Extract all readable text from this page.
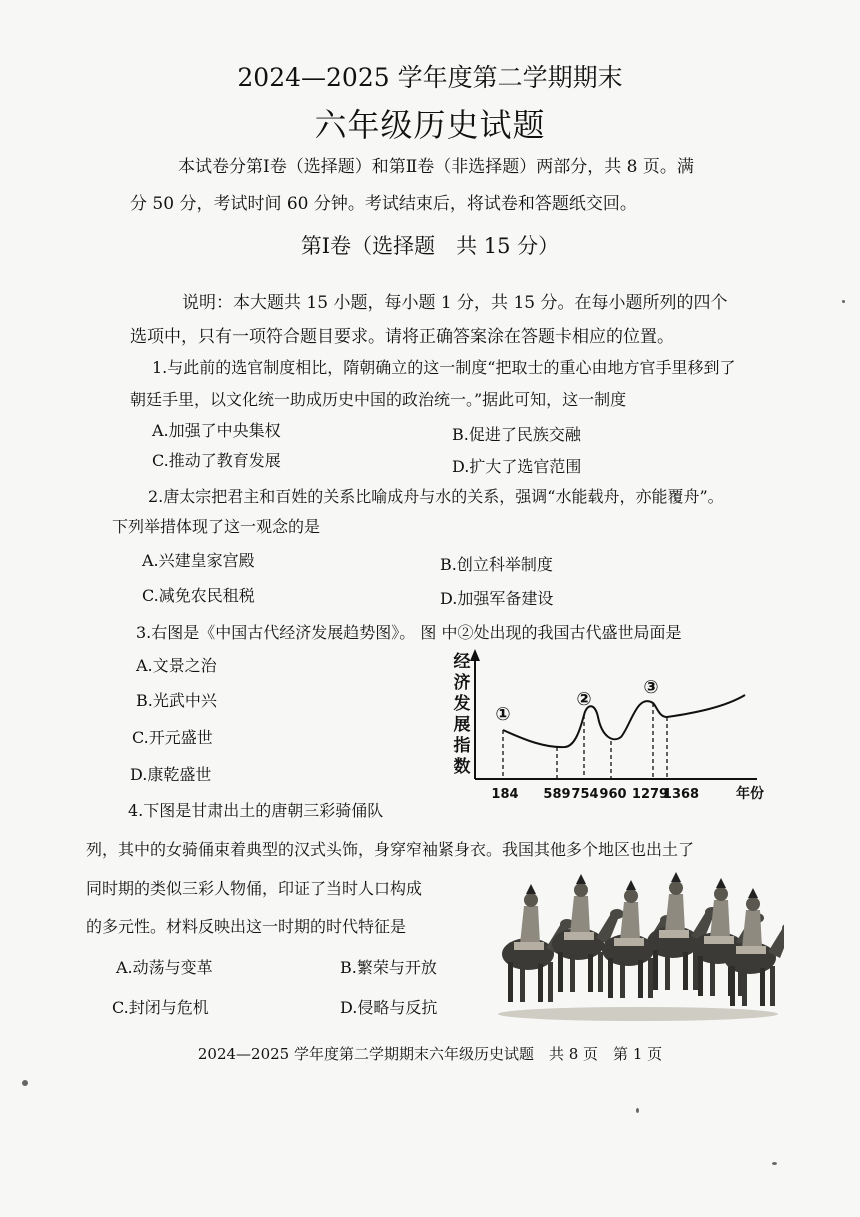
2024—2025 学年度第二学期期末
六年级历史试题
本试卷分第Ⅰ卷（选择题）和第Ⅱ卷（非选择题）两部分，共 8 页。满
分 50 分，考试时间 60 分钟。考试结束后，将试卷和答题纸交回。
第Ⅰ卷（选择题　共 15 分）
说明：本大题共 15 小题，每小题 1 分，共 15 分。在每小题所列的四个
选项中，只有一项符合题目要求。请将正确答案涂在答题卡相应的位置。
1.与此前的选官制度相比，隋朝确立的这一制度“把取士的重心由地方官手里移到了
朝廷手里，以文化统一助成历史中国的政治统一。”据此可知，这一制度
A.加强了中央集权	B.促进了民族交融
C.推动了教育发展	D.扩大了选官范围
2.唐太宗把君主和百姓的关系比喻成舟与水的关系，强调“水能载舟，亦能覆舟”。
下列举措体现了这一观念的是
A.兴建皇家宫殿	B.创立科举制度
C.减免农民租税	D.加强军备建设
3.右图是《中国古代经济发展趋势图》。 图 中②处出现的我国古代盛世局面是
A.文景之治
B.光武中兴
C.开元盛世
D.康乾盛世
经济发展指数
①
②
③
184 589 754 960 1279
1368	年份
4.下图是甘肃出土的唐朝三彩骑俑队
列，其中的女骑俑束着典型的汉式头饰，身穿窄袖紧身衣。我国其他多个地区也出土了
同时期的类似三彩人物俑，印证了当时人口构成
的多元性。材料反映出这一时期的时代特征是
A.动荡与变革	B.繁荣与开放
C.封闭与危机	D.侵略与反抗
2024—2025 学年度第二学期期末六年级历史试题　共 8 页　第 1 页
